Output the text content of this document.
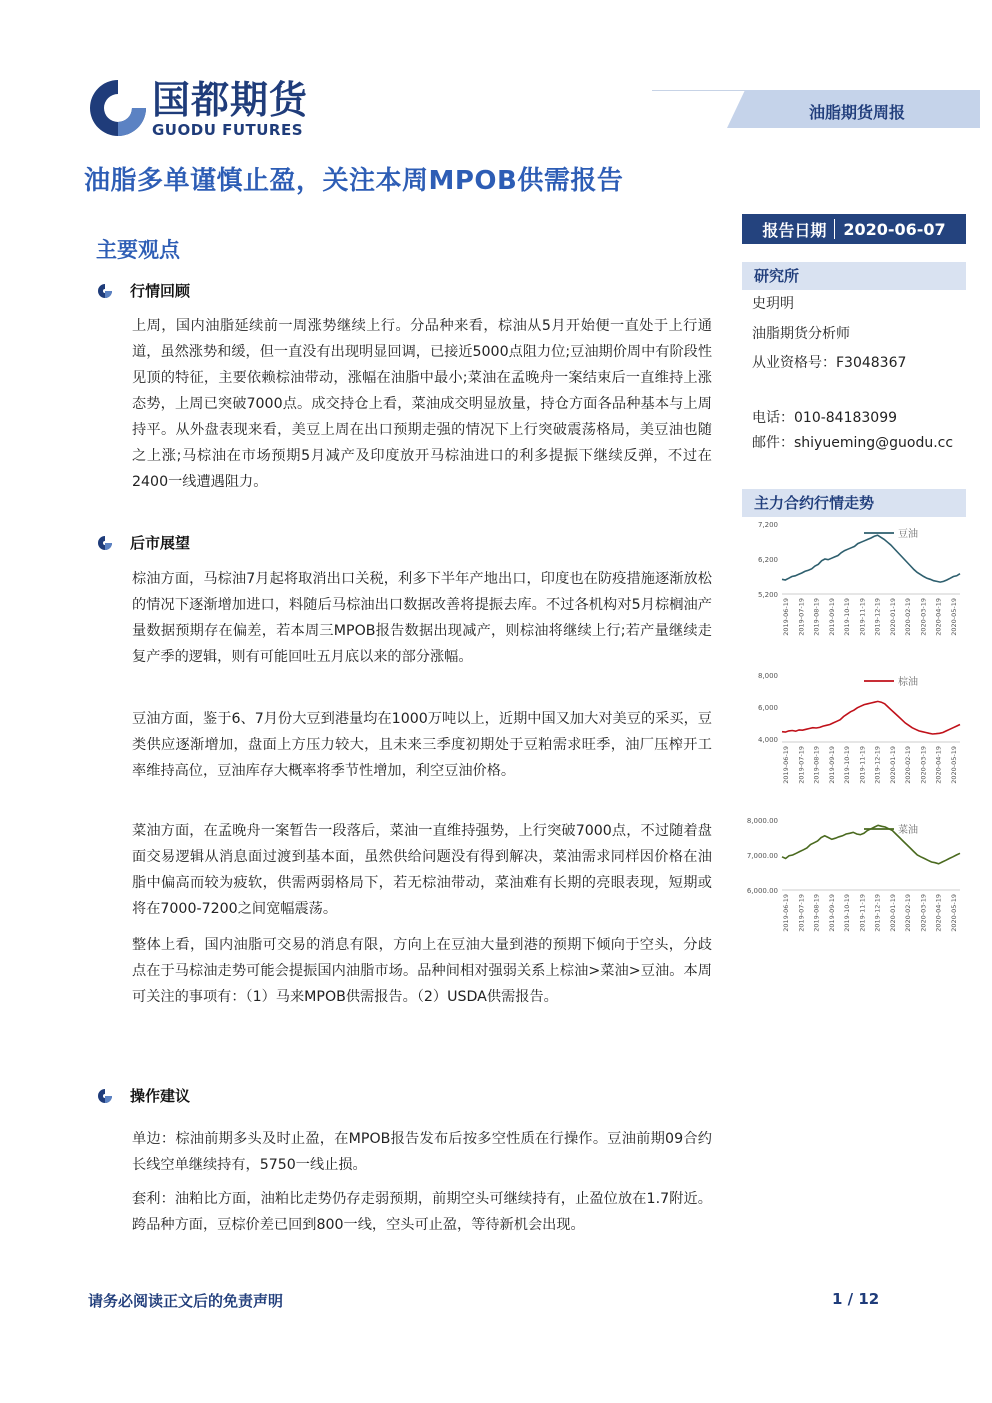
国都期货
GUODU FUTURES
油脂期货周报
油脂多单谨慎止盈，关注本周MPOB供需报告
报告日期 2020-06-07
主要观点
行情回顾

上周，国内油脂延续前一周涨势继续上行。分品种来看，棕油从5月开始便一直处于上行通道，虽然涨势和缓，但一直没有出现明显回调，已接近5000点阻力位;豆油期价周中有阶段性见顶的特征，主要依赖棕油带动，涨幅在油脂中最小;菜油在孟晚舟一案结束后一直维持上涨态势，上周已突破7000点。成交持仓上看，菜油成交明显放量，持仓方面各品种基本与上周持平。从外盘表现来看，美豆上周在出口预期走强的情况下上行突破震荡格局，美豆油也随之上涨;马棕油在市场预期5月减产及印度放开马棕油进口的利多提振下继续反弹，不过在2400一线遭遇阻力。

后市展望

棕油方面，马棕油7月起将取消出口关税，利多下半年产地出口，印度也在防疫措施逐渐放松的情况下逐渐增加进口，料随后马棕油出口数据改善将提振去库。不过各机构对5月棕榈油产量数据预期存在偏差，若本周三MPOB报告数据出现减产，则棕油将继续上行;若产量继续走复产季的逻辑，则有可能回吐五月底以来的部分涨幅。

豆油方面，鉴于6、7月份大豆到港量均在1000万吨以上，近期中国又加大对美豆的采买，豆类供应逐渐增加，盘面上方压力较大，且未来三季度初期处于豆粕需求旺季，油厂压榨开工率维持高位，豆油库存大概率将季节性增加，利空豆油价格。

菜油方面，在孟晚舟一案暂告一段落后，菜油一直维持强势，上行突破7000点，不过随着盘面交易逻辑从消息面过渡到基本面，虽然供给问题没有得到解决，菜油需求同样因价格在油脂中偏高而较为疲软，供需两弱格局下，若无棕油带动，菜油难有长期的亮眼表现，短期或将在7000-7200之间宽幅震荡。

整体上看，国内油脂可交易的消息有限，方向上在豆油大量到港的预期下倾向于空头，分歧点在于马棕油走势可能会提振国内油脂市场。品种间相对强弱关系上棕油>菜油>豆油。本周可关注的事项有：（1）马来MPOB供需报告。（2）USDA供需报告。

操作建议

单边：棕油前期多头及时止盈，在MPOB报告发布后按多空性质在行操作。豆油前期09合约长线空单继续持有，5750一线止损。

套利：油粕比方面，油粕比走势仍存走弱预期，前期空头可继续持有，止盈位放在1.7附近。跨品种方面，豆棕价差已回到800一线，空头可止盈，等待新机会出现。

研究所
史玥明
油脂期货分析师
从业资格号：F3048367
电话：010-84183099
邮件：shiyueming@guodu.cc
主力合约行情走势
7,200
6,200
5,200
2019-06-19 2019-07-19 2019-08-19 2019-09-19 2019-10-19 2019-11-19 2019-12-19 2020-01-19 2020-02-19 2020-03-19 2020-04-19 2020-05-19
豆油
8,000
6,000
4,000
2019-06-19 2019-07-19 2019-08-19 2019-09-19 2019-10-19 2019-11-19 2019-12-19 2020-01-19 2020-02-19 2020-03-19 2020-04-19 2020-05-19
棕油
8,000.00
7,000.00
6,000.00
2019-06-19 2019-07-19 2019-08-19 2019-09-19 2019-10-19 2019-11-19 2019-12-19 2020-01-19 2020-02-19 2020-03-19 2020-04-19 2020-05-19
菜油
请务必阅读正文后的免责声明	1 / 12
